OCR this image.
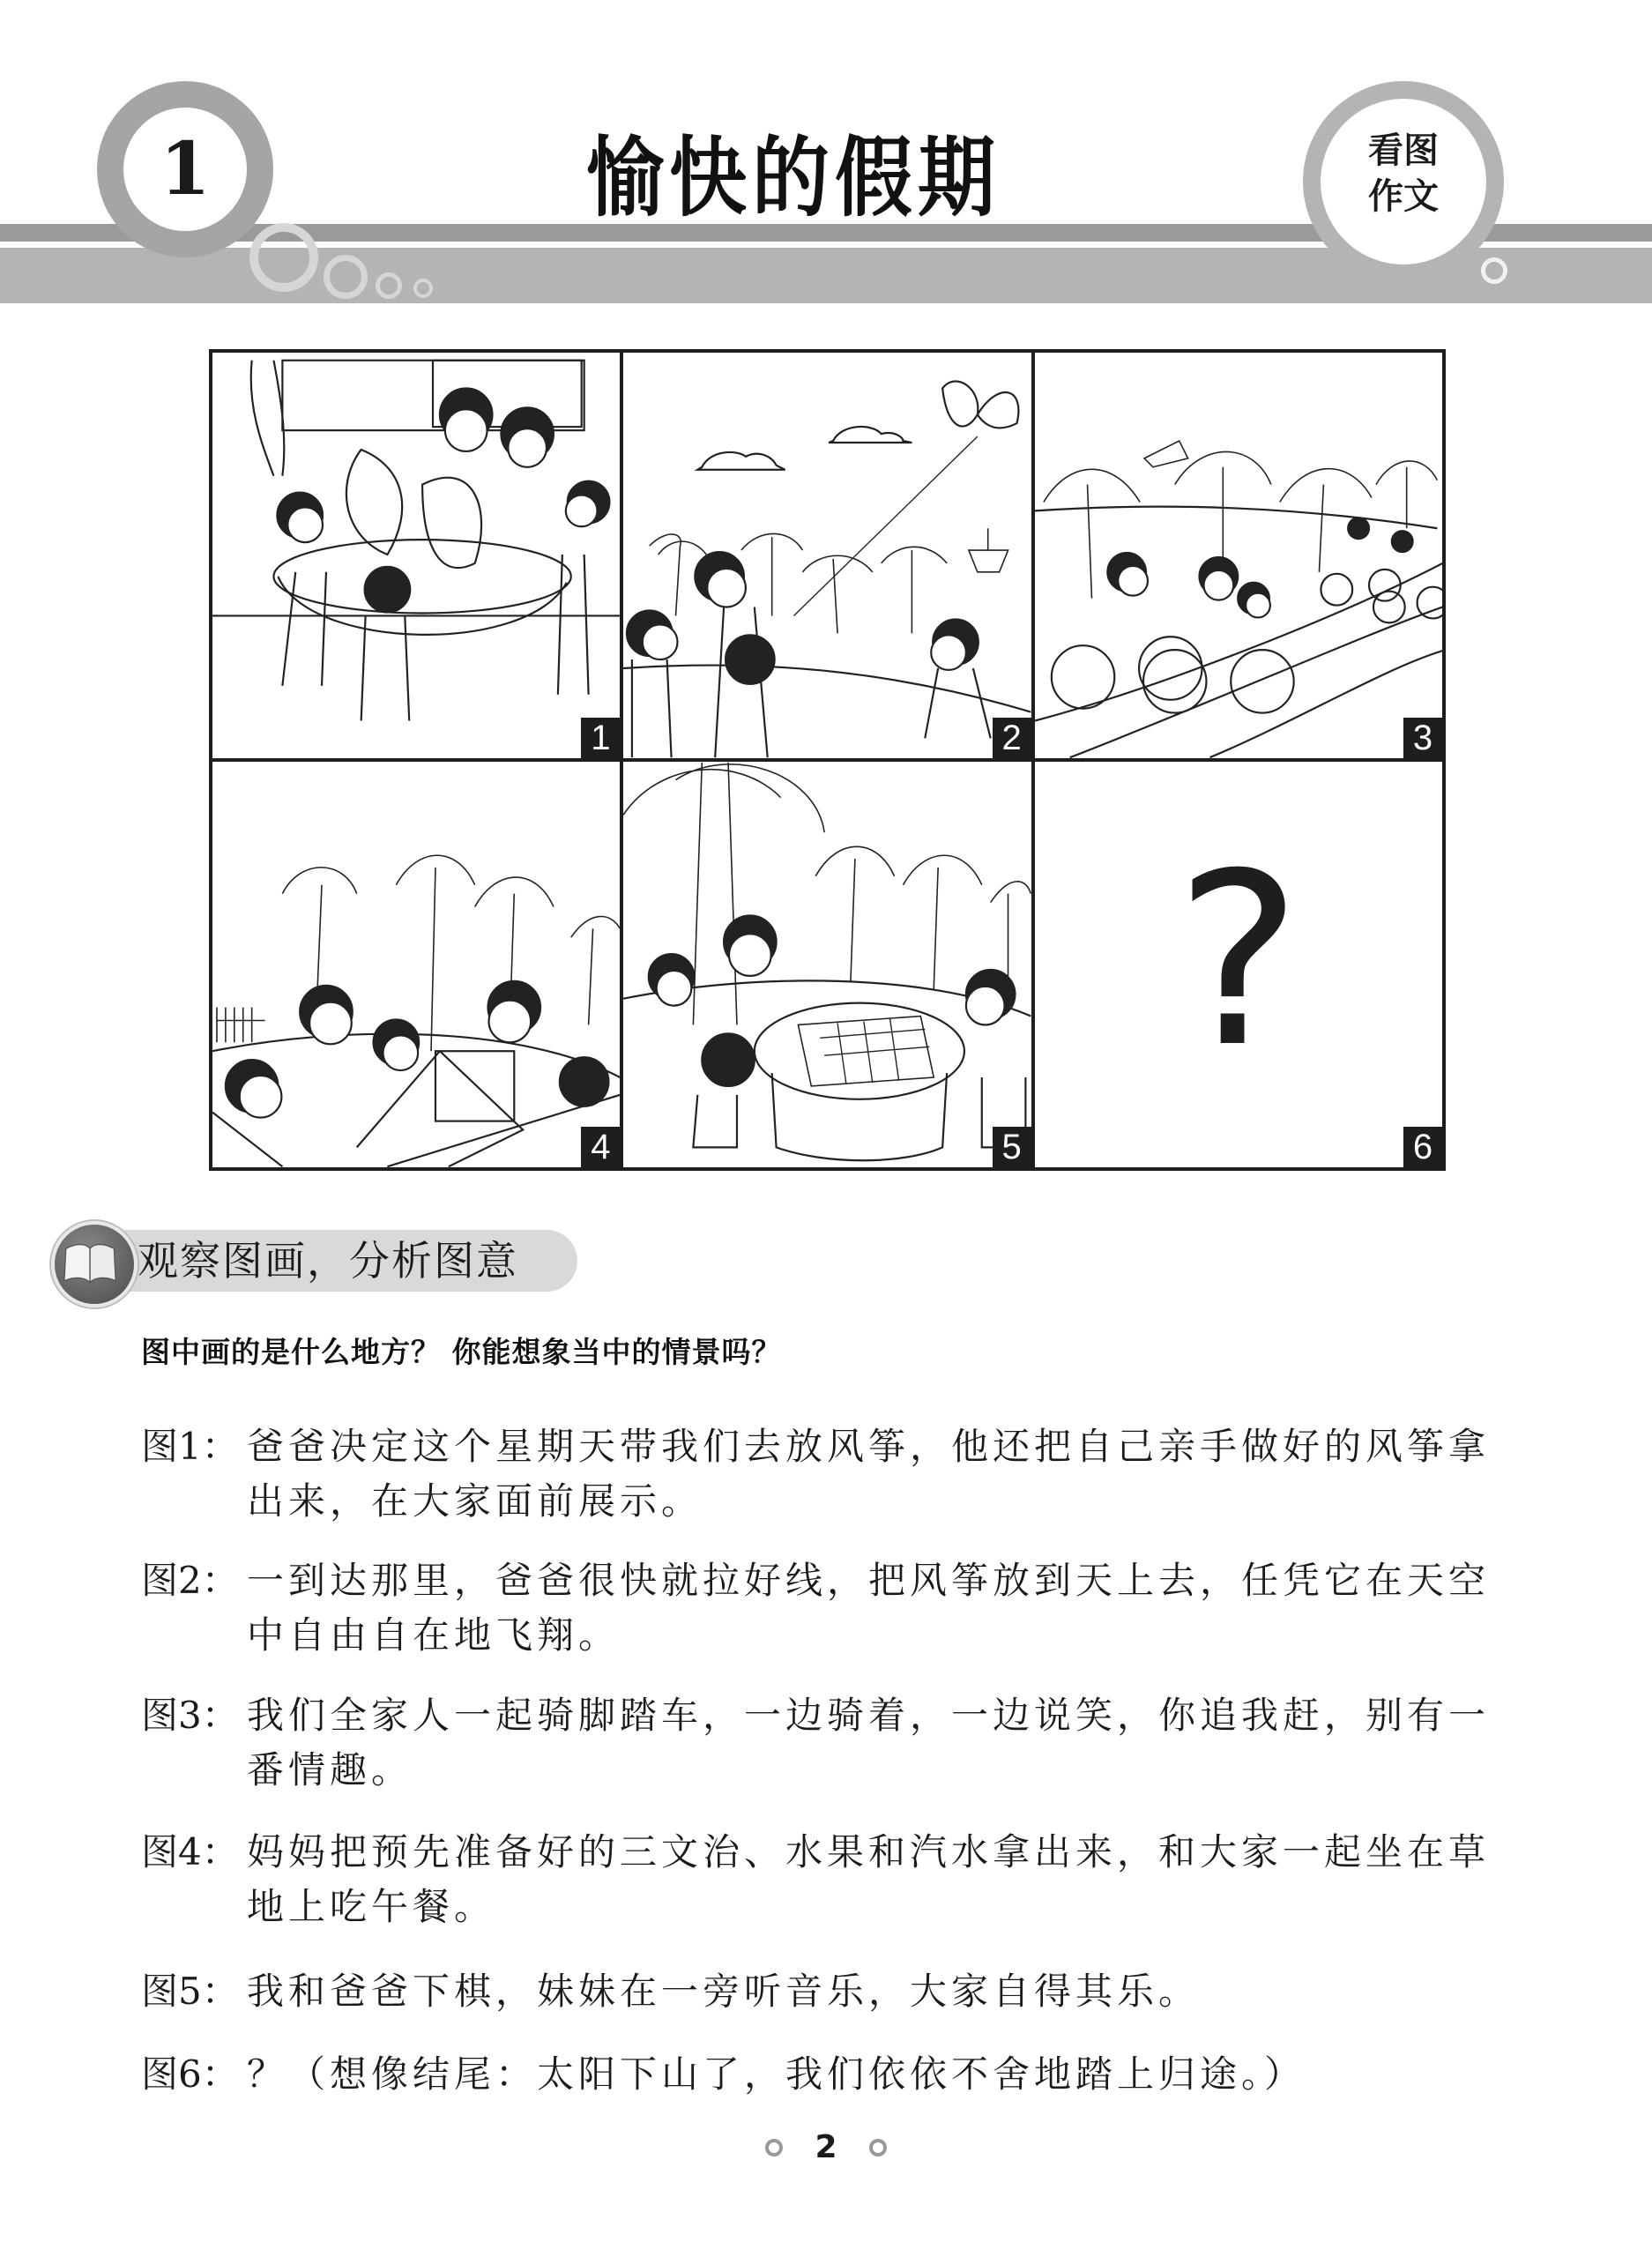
1	愉快的假期	看图
作文
1	2	3
4	5
?
6
观察图画，分析图意
图中画的是什么地方？ 你能想象当中的情景吗？
图1： 爸爸决定这个星期天带我们去放风筝，他还把自己亲手做好的风筝拿出来，在大家面前展示。
图2： 一到达那里，爸爸很快就拉好线，把风筝放到天上去，任凭它在天空中自由自在地飞翔。
图3： 我们全家人一起骑脚踏车，一边骑着，一边说笑，你追我赶，别有一番情趣。
图4： 妈妈把预先准备好的三文治、水果和汽水拿出来，和大家一起坐在草地上吃午餐。
图5： 我和爸爸下棋，妹妹在一旁听音乐，大家自得其乐。
图6： ？（想像结尾：太阳下山了，我们依依不舍地踏上归途。）
2
